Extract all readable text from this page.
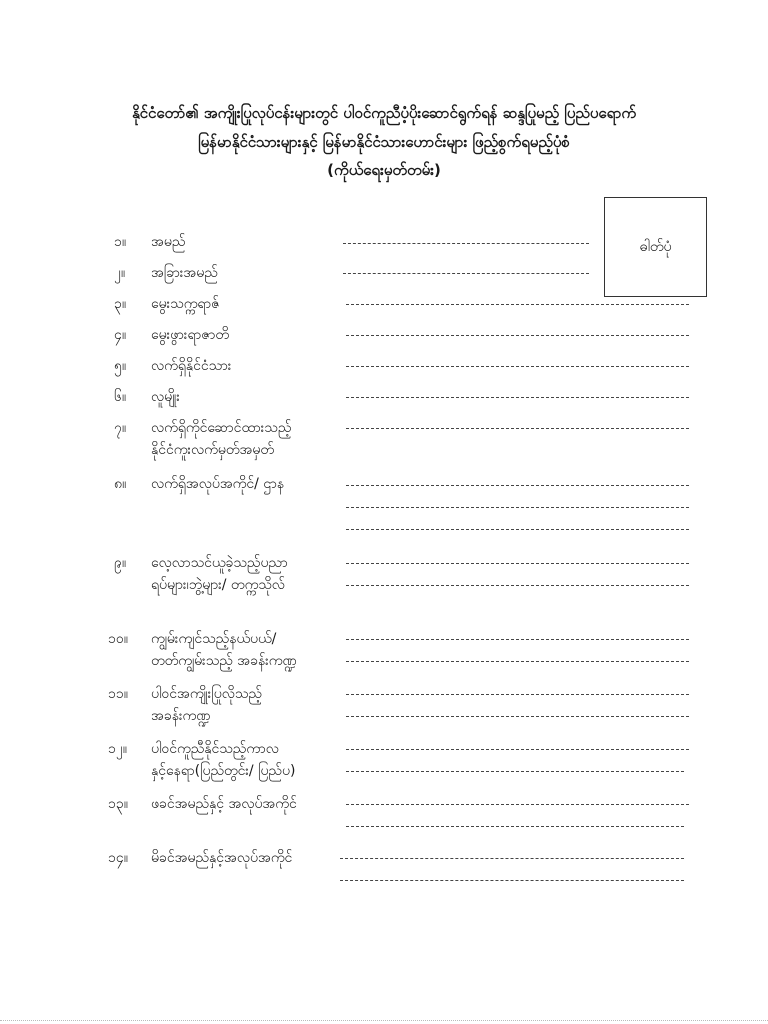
နိုင်ငံတော်၏ အကျိုးပြုလုပ်ငန်းများတွင် ပါဝင်ကူညီပံ့ပိုးဆောင်ရွက်ရန် ဆန္ဒပြုမည့် ပြည်ပရောက်
မြန်မာနိုင်ငံသားများနှင့် မြန်မာနိုင်ငံသားဟောင်းများ ဖြည့်စွက်ရမည့်ပုံစံ
(ကိုယ်ရေးမှတ်တမ်း)
ဓါတ်ပုံ
၁။ အမည်
၂။ အခြားအမည်
၃။ မွေးသက္ကရာဇ်
၄။ မွေးဖွားရာဇာတိ
၅။ လက်ရှိနိုင်ငံသား
၆။ လူမျိုး
၇။ လက်ရှိကိုင်ဆောင်ထားသည့်
နိုင်ငံကူးလက်မှတ်အမှတ်
၈။ လက်ရှိအလုပ်အကိုင်/ ဌာန
၉။ လေ့လာသင်ယူခဲ့သည့်ပညာ
ရပ်များ၊ဘွဲ့များ/ တက္ကသိုလ်
၁၀။ ကျွမ်းကျင်သည့်နယ်ပယ်/
တတ်ကျွမ်းသည့် အခန်းကဏ္ဍ
၁၁။ ပါဝင်အကျိုးပြုလိုသည့်
အခန်းကဏ္ဍ
၁၂။ ပါဝင်ကူညီနိုင်သည့်ကာလ
နှင့်နေရာ(ပြည်တွင်း/ ပြည်ပ)
၁၃။ ဖခင်အမည်နှင့် အလုပ်အကိုင်
၁၄။ မိခင်အမည်နှင့်အလုပ်အကိုင်
